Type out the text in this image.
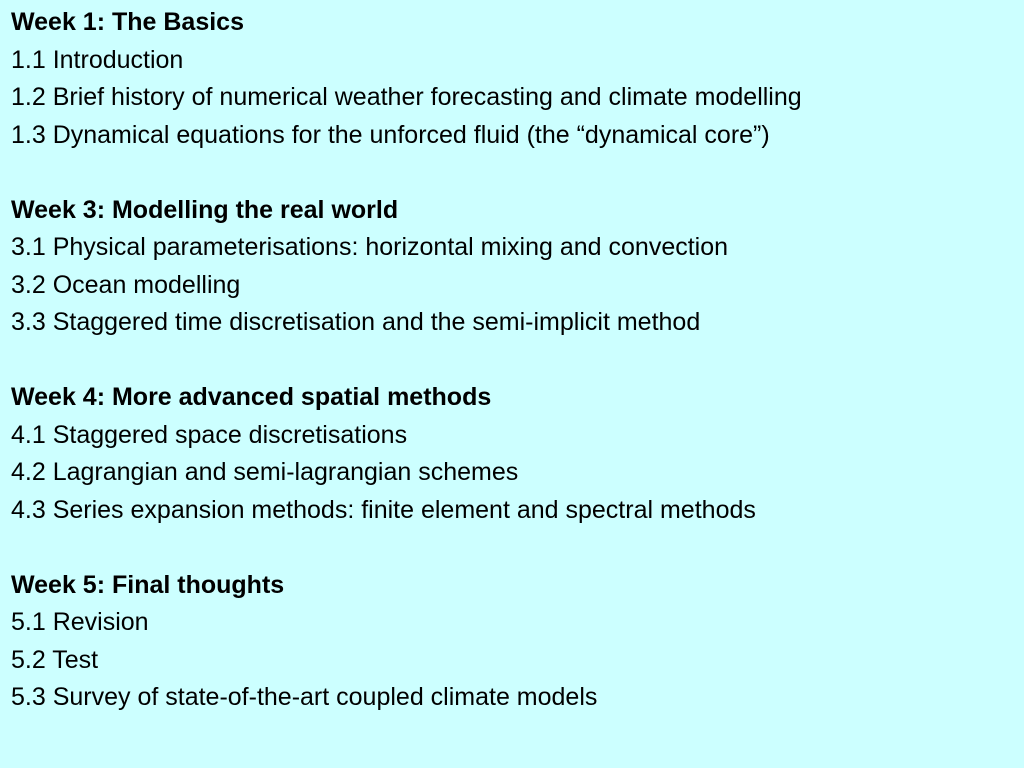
Week 1: The Basics
1.1 Introduction
1.2 Brief history of numerical weather forecasting and climate modelling
1.3 Dynamical equations for the unforced fluid (the “dynamical core”)
Week 3: Modelling the real world
3.1 Physical parameterisations: horizontal mixing and convection
3.2 Ocean modelling
3.3 Staggered time discretisation and the semi-implicit method
Week 4: More advanced spatial methods
4.1 Staggered space discretisations
4.2 Lagrangian and semi-lagrangian schemes
4.3 Series expansion methods: finite element and spectral methods
Week 5: Final thoughts
5.1 Revision
5.2 Test
5.3 Survey of state-of-the-art coupled climate models
